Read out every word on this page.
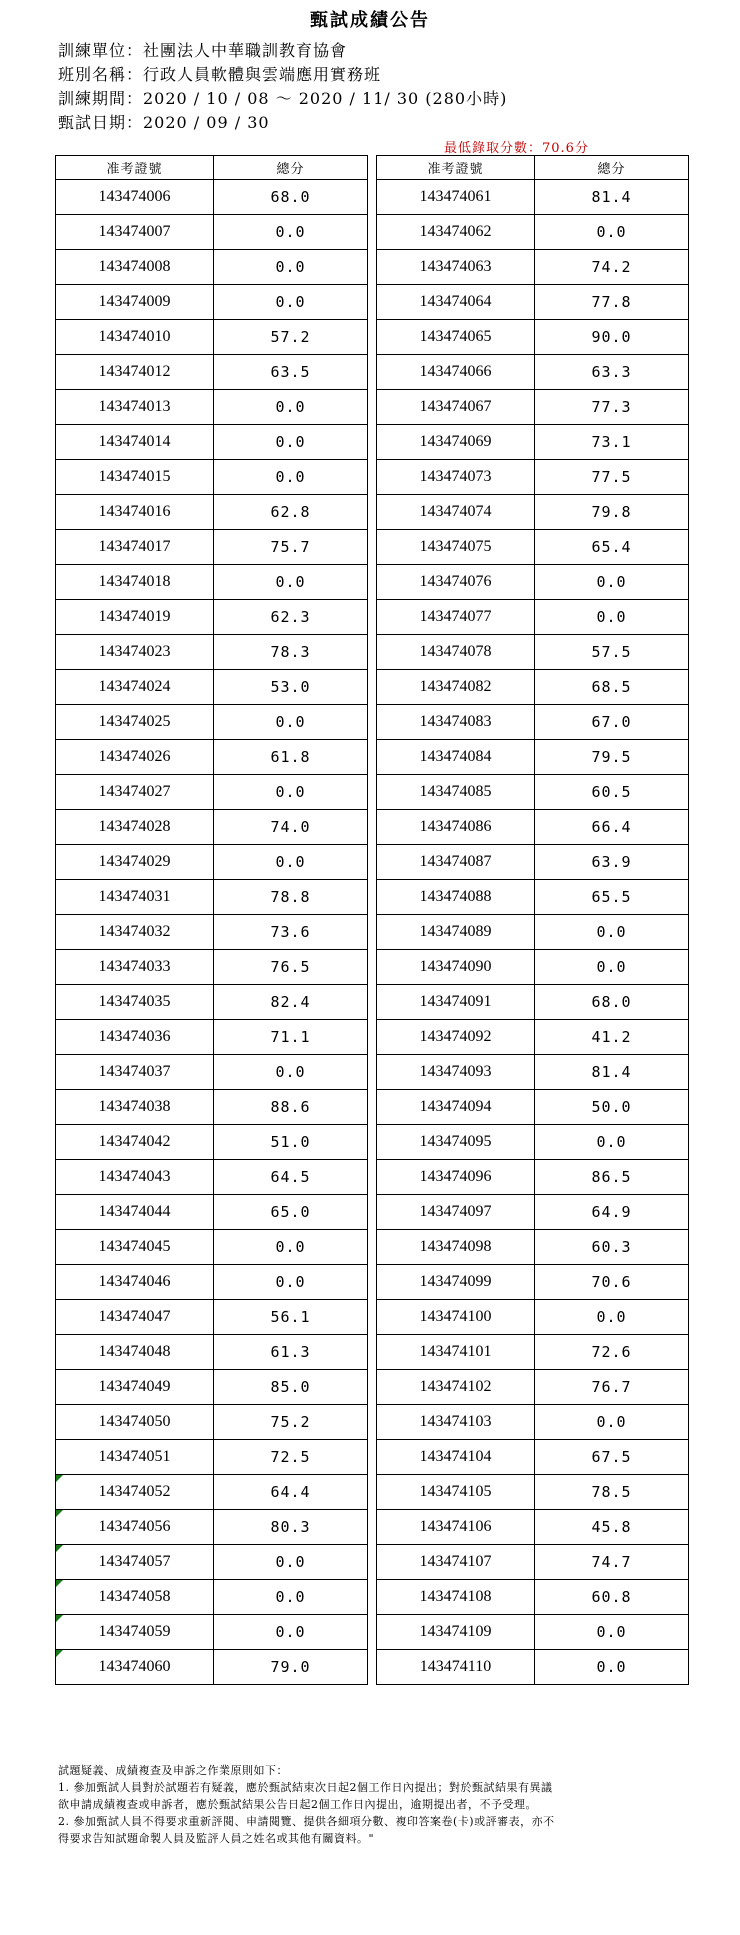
甄試成績公告
訓練單位：社團法人中華職訓教育協會
班別名稱：行政人員軟體與雲端應用實務班
訓練期間：2020 / 10 / 08 ～ 2020 / 11/ 30 (280小時)
甄試日期：2020 / 09 / 30
最低錄取分數：70.6分
准考證號	總分
143474006	68.0
143474007	0.0
143474008	0.0
143474009	0.0
143474010	57.2
143474012	63.5
143474013	0.0
143474014	0.0
143474015	0.0
143474016	62.8
143474017	75.7
143474018	0.0
143474019	62.3
143474023	78.3
143474024	53.0
143474025	0.0
143474026	61.8
143474027	0.0
143474028	74.0
143474029	0.0
143474031	78.8
143474032	73.6
143474033	76.5
143474035	82.4
143474036	71.1
143474037	0.0
143474038	88.6
143474042	51.0
143474043	64.5
143474044	65.0
143474045	0.0
143474046	0.0
143474047	56.1
143474048	61.3
143474049	85.0
143474050	75.2
143474051	72.5
143474052	64.4
143474056	80.3
143474057	0.0
143474058	0.0
143474059	0.0
143474060	79.0
准考證號	總分
143474061	81.4
143474062	0.0
143474063	74.2
143474064	77.8
143474065	90.0
143474066	63.3
143474067	77.3
143474069	73.1
143474073	77.5
143474074	79.8
143474075	65.4
143474076	0.0
143474077	0.0
143474078	57.5
143474082	68.5
143474083	67.0
143474084	79.5
143474085	60.5
143474086	66.4
143474087	63.9
143474088	65.5
143474089	0.0
143474090	0.0
143474091	68.0
143474092	41.2
143474093	81.4
143474094	50.0
143474095	0.0
143474096	86.5
143474097	64.9
143474098	60.3
143474099	70.6
143474100	0.0
143474101	72.6
143474102	76.7
143474103	0.0
143474104	67.5
143474105	78.5
143474106	45.8
143474107	74.7
143474108	60.8
143474109	0.0
143474110	0.0
試題疑義、成績複查及申訴之作業原則如下：
1. 參加甄試人員對於試題若有疑義，應於甄試結束次日起2個工作日內提出；對於甄試結果有異議
欲申請成績複查或申訴者，應於甄試結果公告日起2個工作日內提出，逾期提出者，不予受理。
2. 參加甄試人員不得要求重新評閱、申請閱覽、提供各細項分數、複印答案卷(卡)或評審表，亦不
得要求告知試題命製人員及監評人員之姓名或其他有關資料。"
